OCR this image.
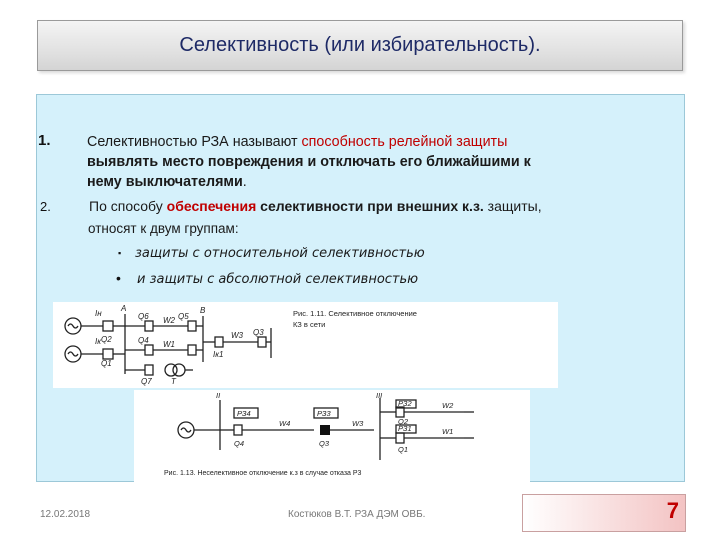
Селективность (или избирательность).
1.	Селективностью РЗА называют способность релейной защиты
выявлять место повреждения и отключать его ближайшими к
нему выключателями.
2.	По способу обеспечения селективности при внешних к.з. защиты,
относят к двум группам:
▪ защиты с относительной селективностью
• и защиты с абсолютной селективностью
Iн
Iк
A	B
Q6	Q5
W2
Q4 W1
Q2
Q1
W3
Iк1
Q7 Т
Q3
Рис. 1.11. Селективное отключение
КЗ в сети
РЗ4	РЗ3
РЗ2
РЗ1
Q4	Q3
Q2
Q1
W4	W3
W2
W1
II	III
Рис. 1.13. Неселективное отключение к.з в случае отказа Р3
12.02.2018	Костюков В.Т. РЗА ДЭМ ОВБ.	7
